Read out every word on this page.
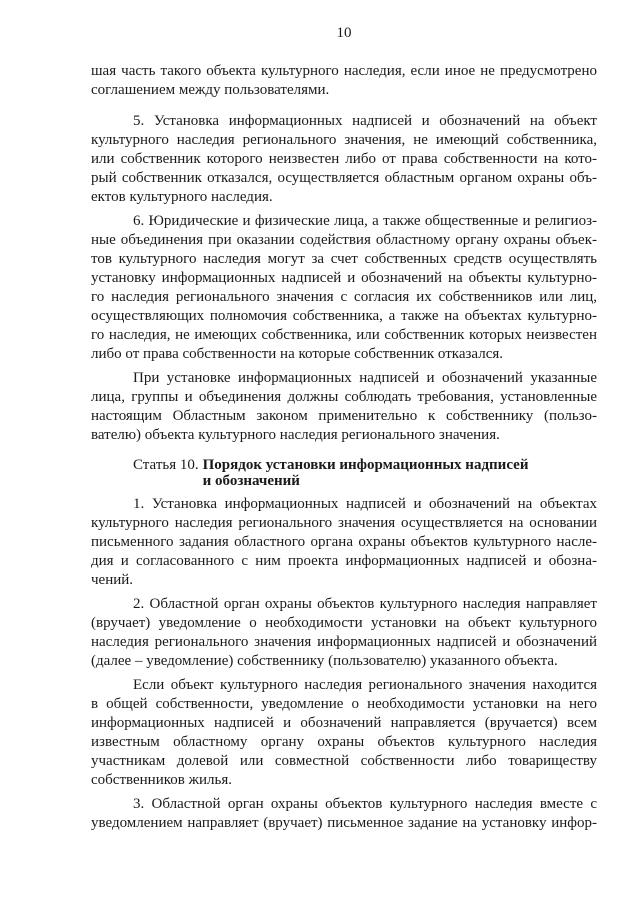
10
шая часть такого объекта культурного наследия, если иное не предусмотрено
соглашением между пользователями.
5. Установка информационных надписей и обозначений на объект
культурного наследия регионального значения, не имеющий собственника,
или собственник которого неизвестен либо от права собственности на кото-
рый собственник отказался, осуществляется областным органом охраны объ-
ектов культурного наследия.
6. Юридические и физические лица, а также общественные и религиоз-
ные объединения при оказании содействия областному органу охраны объек-
тов культурного наследия могут за счет собственных средств осуществлять
установку информационных надписей и обозначений на объекты культурно-
го наследия регионального значения с согласия их собственников или лиц,
осуществляющих полномочия собственника, а также на объектах культурно-
го наследия, не имеющих собственника, или собственник которых неизвестен
либо от права собственности на которые собственник отказался.
При установке информационных надписей и обозначений указанные
лица, группы и объединения должны соблюдать требования, установленные
настоящим Областным законом применительно к собственнику (пользо-
вателю) объекта культурного наследия регионального значения.
Статья 10. Порядок установки информационных надписей
и обозначений
1. Установка информационных надписей и обозначений на объектах
культурного наследия регионального значения осуществляется на основании
письменного задания областного органа охраны объектов культурного насле-
дия и согласованного с ним проекта информационных надписей и обозна-
чений.
2. Областной орган охраны объектов культурного наследия направляет
(вручает) уведомление о необходимости установки на объект культурного
наследия регионального значения информационных надписей и обозначений
(далее – уведомление) собственнику (пользователю) указанного объекта.
Если объект культурного наследия регионального значения находится
в общей собственности, уведомление о необходимости установки на него
информационных надписей и обозначений направляется (вручается) всем
известным областному органу охраны объектов культурного наследия
участникам долевой или совместной собственности либо товариществу
собственников жилья.
3. Областной орган охраны объектов культурного наследия вместе с
уведомлением направляет (вручает) письменное задание на установку инфор-
